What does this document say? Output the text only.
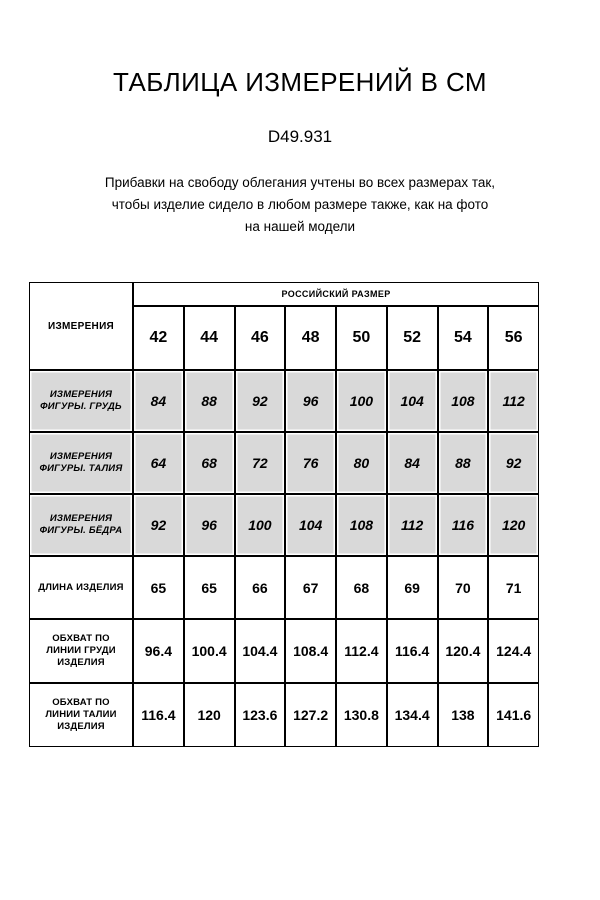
ТАБЛИЦА ИЗМЕРЕНИЙ В СМ
D49.931
Прибавки на свободу облегания учтены во всех размерах так,
чтобы изделие сидело в любом размере также, как на фото
на нашей модели
ИЗМЕРЕНИЯ	РОССИЙСКИЙ РАЗМЕР							
	42	44	46	48	50	52	54	56

ИЗМЕРЕНИЯ
ФИГУРЫ. ГРУДЬ	84	88	92	96	100	104	108	112

ИЗМЕРЕНИЯ
ФИГУРЫ. ТАЛИЯ	64	68	72	76	80	84	88	92

ИЗМЕРЕНИЯ
ФИГУРЫ. БЁДРА	92	96	100	104	108	112	116	120

ДЛИНА ИЗДЕЛИЯ	65	65	66	67	68	69	70	71

ОБХВАТ ПО
ЛИНИИ ГРУДИ
ИЗДЕЛИЯ	96.4	100.4	104.4	108.4	112.4	116.4	120.4	124.4

ОБХВАТ ПО
ЛИНИИ ТАЛИИ
ИЗДЕЛИЯ	116.4	120	123.6	127.2	130.8	134.4	138	141.6
